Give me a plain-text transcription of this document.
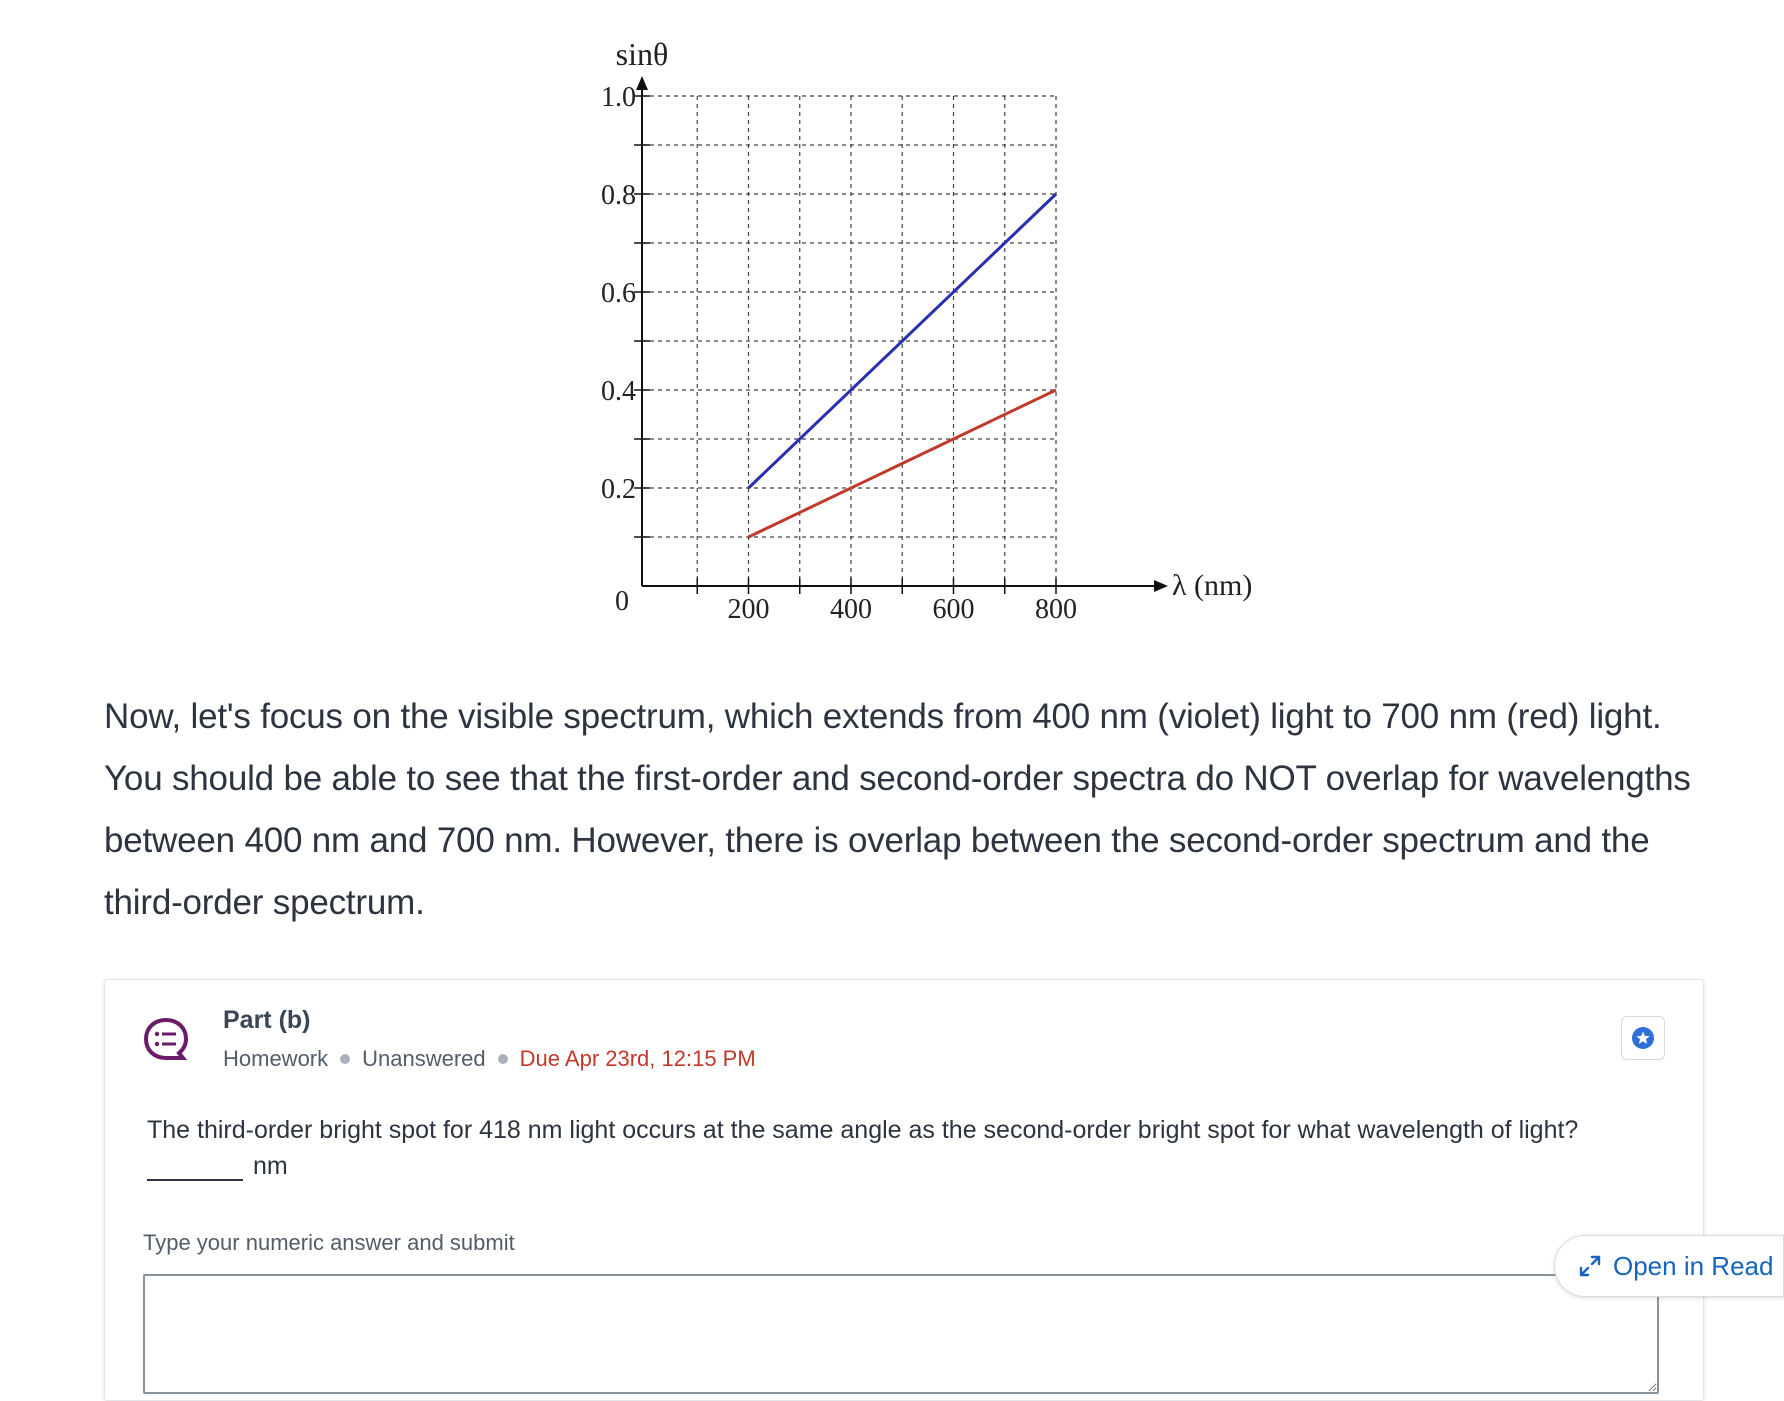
0.2
0.4
0.6
0.8
1.0
200 400 600 800
sinθ
λ (nm)
0
Now, let's focus on the visible spectrum, which extends from 400 nm (violet) light to 700 nm (red) light. You should be able to see that the first-order and second-order spectra do NOT overlap for wavelengths between 400 nm and 700 nm. However, there is overlap between the second-order spectrum and the third-order spectrum.
Part (b)
Homework Unanswered Due Apr 23rd, 12:15 PM
The third-order bright spot for 418 nm light occurs at the same angle as the second-order bright spot for what wavelength of light?
nm
Type your numeric answer and submit
Open in Read
